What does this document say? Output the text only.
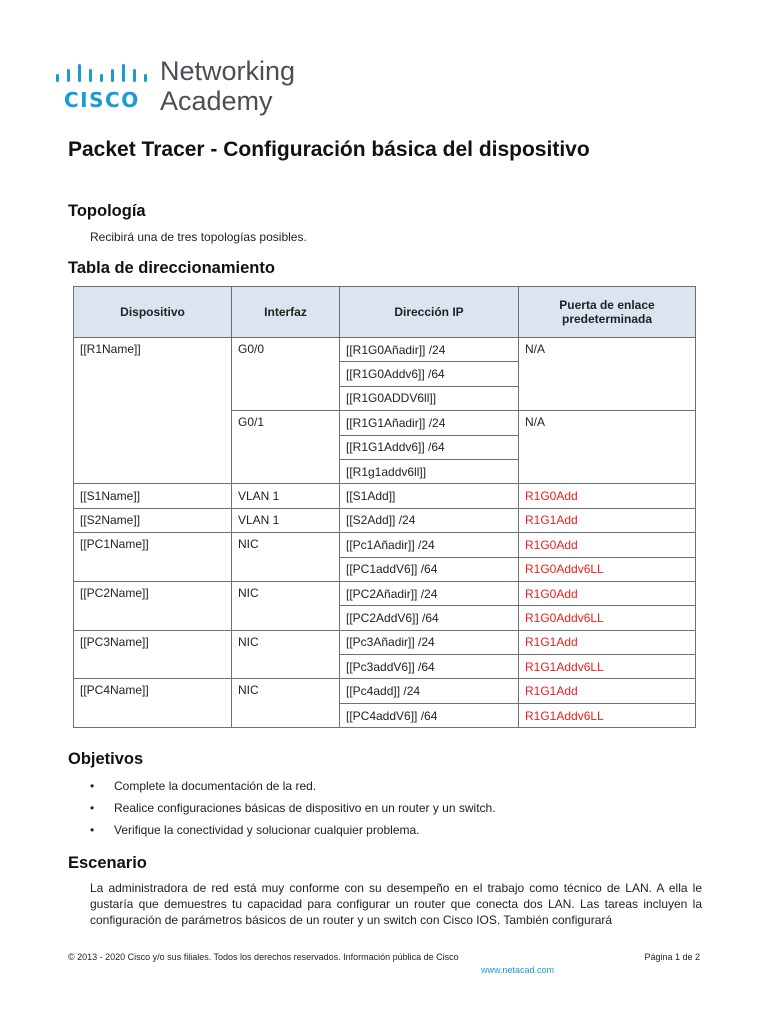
CISCO
Networking
Academy
Packet Tracer - Configuración básica del dispositivo
Topología

Recibirá una de tres topologías posibles.

Tabla de direccionamiento
Dispositivo	Interfaz	Dirección IP	Puerta de enlace predeterminada
[[R1Name]]	G0/0	[[R1G0Añadir]] /24	N/A
		[[R1G0Addv6]] /64	
		[[R1G0ADDV6ll]]	
	G0/1	[[R1G1Añadir]] /24	N/A
		[[R1G1Addv6]] /64	
		[[R1g1addv6ll]]	
[[S1Name]]	VLAN 1	[[S1Add]]	R1G0Add
[[S2Name]]	VLAN 1	[[S2Add]] /24	R1G1Add
[[PC1Name]]	NIC	[[Pc1Añadir]] /24	R1G0Add
		[[PC1addV6]] /64	R1G0Addv6LL
[[PC2Name]]	NIC	[[PC2Añadir]] /24	R1G0Add
		[[PC2AddV6]] /64	R1G0Addv6LL
[[PC3Name]]	NIC	[[Pc3Añadir]] /24	R1G1Add
		[[Pc3addV6]] /64	R1G1Addv6LL
[[PC4Name]]	NIC	[[Pc4add]] /24	R1G1Add
		[[PC4addV6]] /64	R1G1Addv6LL
Objetivos
• Complete la documentación de la red.
• Realice configuraciones básicas de dispositivo en un router y un switch.
• Verifique la conectividad y solucionar cualquier problema.
Escenario

La administradora de red está muy conforme con su desempeño en el trabajo como técnico de LAN. A ella le gustaría que demuestres tu capacidad para configurar un router que conecta dos LAN. Las tareas incluyen la configuración de parámetros básicos de un router y un switch con Cisco IOS. También configurará

© 2013 - 2020 Cisco y/o sus filiales. Todos los derechos reservados. Información pública de Cisco	Página 1 de 2
www.netacad.com
